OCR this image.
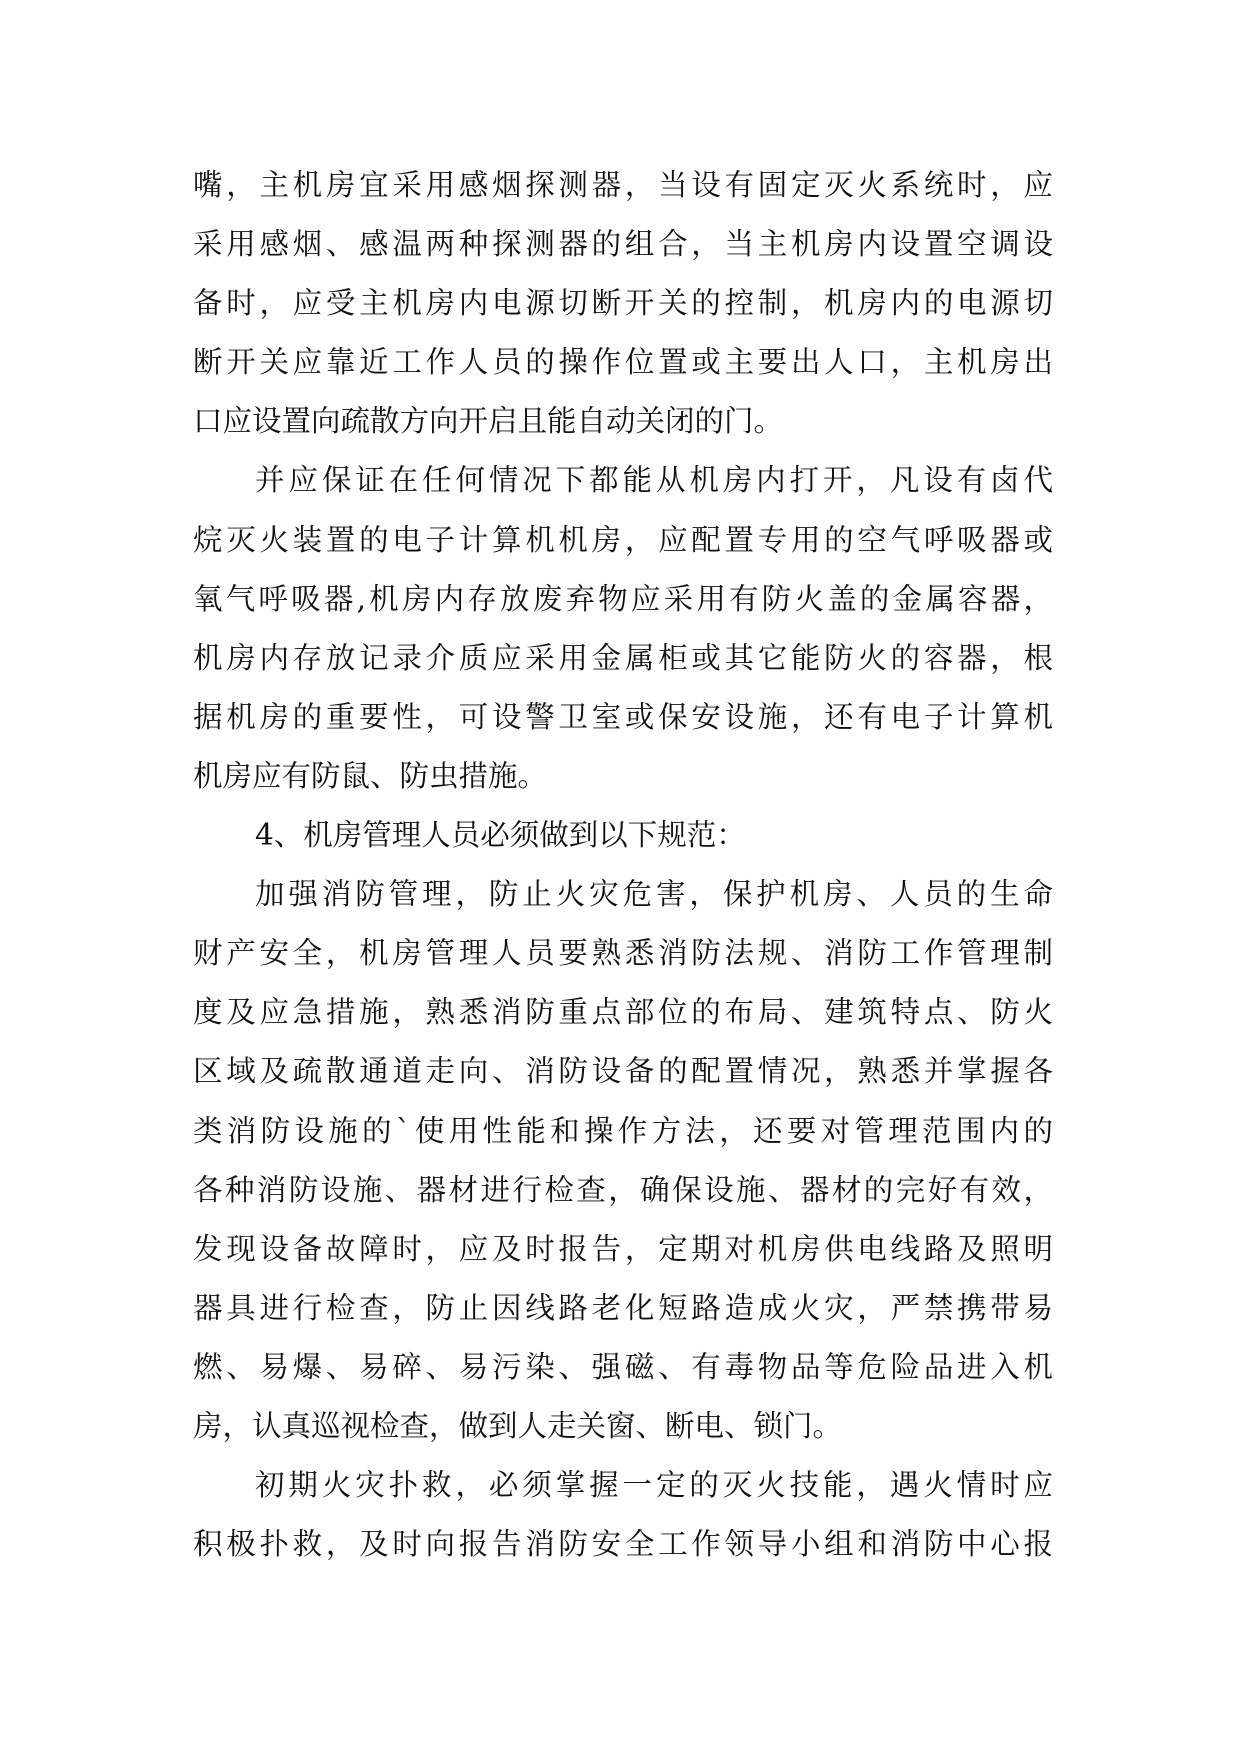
嘴，主机房宜采用感烟探测器，当设有固定灭火系统时，应
采用感烟、感温两种探测器的组合，当主机房内设置空调设
备时，应受主机房内电源切断开关的控制，机房内的电源切
断开关应靠近工作人员的操作位置或主要出人口，主机房出
口应设置向疏散方向开启且能自动关闭的门。
并应保证在任何情况下都能从机房内打开，凡设有卤代
烷灭火装置的电子计算机机房，应配置专用的空气呼吸器或
氧气呼吸器,机房内存放废弃物应采用有防火盖的金属容器，
机房内存放记录介质应采用金属柜或其它能防火的容器，根
据机房的重要性，可设警卫室或保安设施，还有电子计算机
机房应有防鼠、防虫措施。
4、机房管理人员必须做到以下规范：
加强消防管理，防止火灾危害，保护机房、人员的生命
财产安全，机房管理人员要熟悉消防法规、消防工作管理制
度及应急措施，熟悉消防重点部位的布局、建筑特点、防火
区域及疏散通道走向、消防设备的配置情况，熟悉并掌握各
类消防设施的`使用性能和操作方法，还要对管理范围内的
各种消防设施、器材进行检查，确保设施、器材的完好有效，
发现设备故障时，应及时报告，定期对机房供电线路及照明
器具进行检查，防止因线路老化短路造成火灾，严禁携带易
燃、易爆、易碎、易污染、强磁、有毒物品等危险品进入机
房，认真巡视检查，做到人走关窗、断电、锁门。
初期火灾扑救，必须掌握一定的灭火技能，遇火情时应
积极扑救，及时向报告消防安全工作领导小组和消防中心报
